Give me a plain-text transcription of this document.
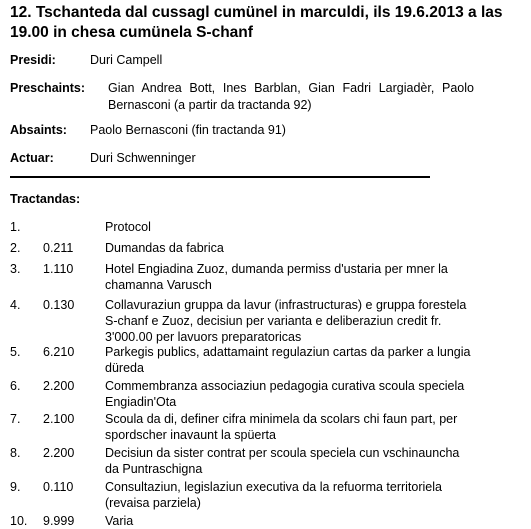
12. Tschanteda dal cussagl cumünel in marculdi, ils 19.6.2013 a las 19.00 in chesa cumünela S-chanf
Presidi:	Duri Campell
Preschaints: Gian Andrea Bott, Ines Barblan, Gian Fadri Largiadèr, Paolo Bernasconi (a partir da tractanda 92)
Absaints: Paolo Bernasconi (fin tractanda 91)
Actuar:	Duri Schwenninger
Tractandas:
1.	Protocol
2. 0.211	Dumandas da fabrica
3. 1.110	Hotel Engiadina Zuoz, dumanda permiss d'ustaria per mner la chamanna Varusch
4. 0.130 Collavuraziun gruppa da lavur (infrastructuras) e gruppa forestela S-chanf e Zuoz, decisiun per varianta e deliberaziun credit fr. 3'000.00 per lavuors preparatoricas
5. 6.210 Parkegis publics, adattamaint regulaziun cartas da parker a lungia düreda
6. 2.200 Commembranza associaziun pedagogia curativa scoula speciela Engiadin'Ota
7. 2.100 Scoula da di, definer cifra minimela da scolars chi faun part, per spordscher inavaunt la spüerta
8. 2.200 Decisiun da sister contrat per scoula speciela cun vschinauncha da Puntraschigna
9. 0.110	Consultaziun, legislaziun executiva da la refuorma territoriela (revaisa parziela)
10. 9.999 Varia
